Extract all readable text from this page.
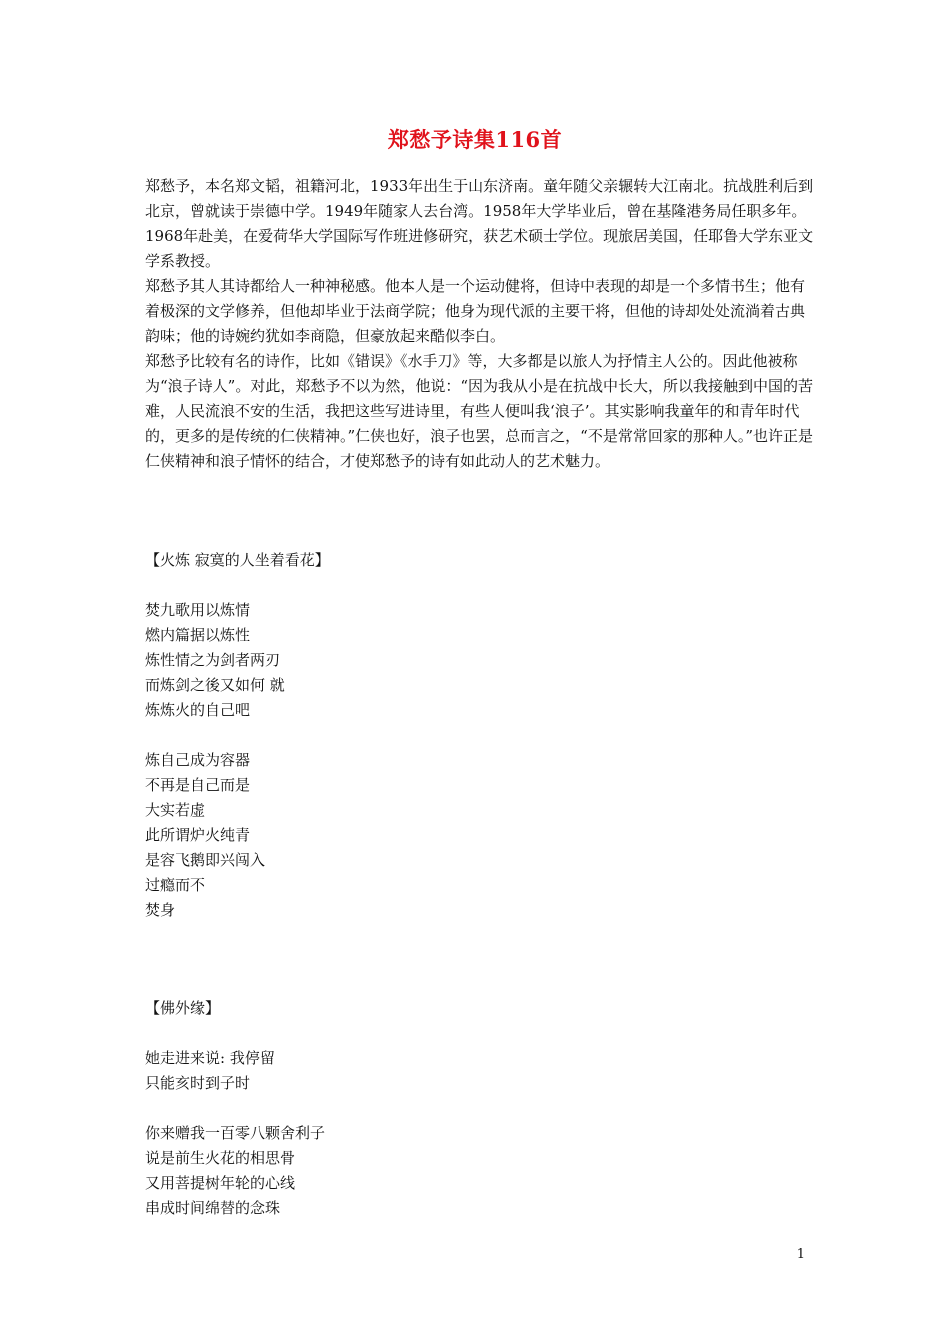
郑愁予诗集116首

郑愁予，本名郑文韬，祖籍河北，1933年出生于山东济南。童年随父亲辗转大江南北。抗战胜利后到北京，曾就读于崇德中学。1949年随家人去台湾。1958年大学毕业后，曾在基隆港务局任职多年。1968年赴美，在爱荷华大学国际写作班进修研究，获艺术硕士学位。现旅居美国，任耶鲁大学东亚文学系教授。

郑愁予其人其诗都给人一种神秘感。他本人是一个运动健将，但诗中表现的却是一个多情书生；他有着极深的文学修养，但他却毕业于法商学院；他身为现代派的主要干将，但他的诗却处处流淌着古典韵味；他的诗婉约犹如李商隐，但豪放起来酷似李白。

郑愁予比较有名的诗作，比如《错误》《水手刀》等，大多都是以旅人为抒情主人公的。因此他被称为“浪子诗人”。对此，郑愁予不以为然，他说：“因为我从小是在抗战中长大，所以我接触到中国的苦难，人民流浪不安的生活，我把这些写进诗里，有些人便叫我‘浪子’。其实影响我童年的和青年时代的，更多的是传统的仁侠精神。”仁侠也好，浪子也罢，总而言之，“不是常常回家的那种人。”也许正是仁侠精神和浪子情怀的结合，才使郑愁予的诗有如此动人的艺术魅力。

【火炼 寂寞的人坐着看花】
焚九歌用以炼情
燃内篇据以炼性
炼性情之为剑者两刃
而炼剑之後又如何 就
炼炼火的自己吧
炼自己成为容器
不再是自己而是
大实若虚
此所谓炉火纯青
是容飞鹅即兴闯入
过瘾而不
焚身
【佛外缘】
她走进来说: 我停留
只能亥时到子时
你来赠我一百零八颗舍利子
说是前生火花的相思骨
又用菩提树年轮的心线
串成时间绵替的念珠
1
